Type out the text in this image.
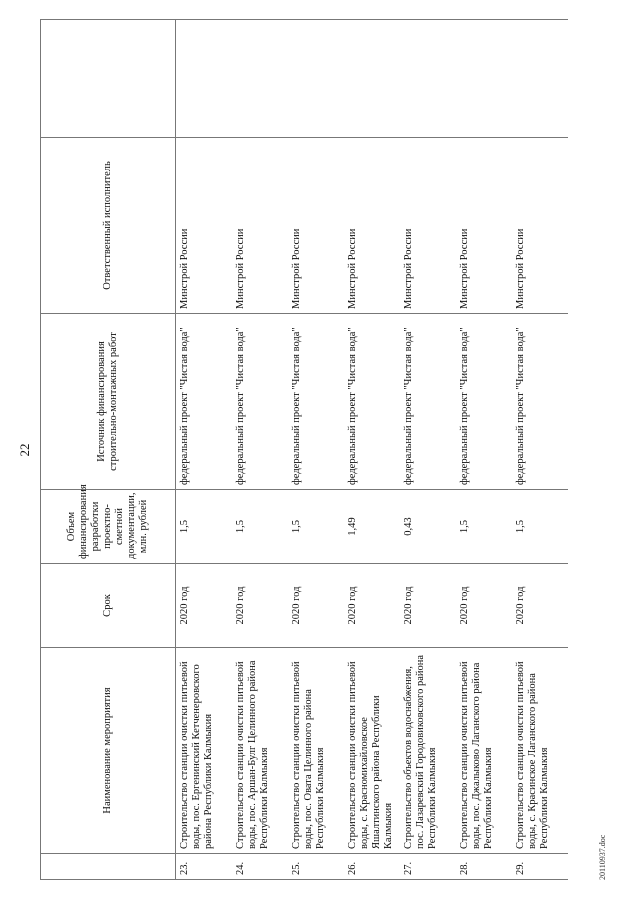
22
	Наименование мероприятия	Срок	Объем финансирования разработки проектно-сметной документации, млн. рублей	Источник финансирования строительно-монтажных работ	Ответственный исполнитель	
23.	Строительство станции очистки питьевой воды, пос. Ергенинский Кетченеровского района Республики Калмыкия	2020 год	1,5	федеральный проект "Чистая вода"	Минстрой России	
24.	Строительство станции очистки питьевой воды, пос. Аршан-Булг Целинного района Республики Калмыкия	2020 год	1,5	федеральный проект "Чистая вода"	Минстрой России	
25.	Строительство станции очистки питьевой воды, пос. Овата Целинного района Республики Калмыкия	2020 год	1,5	федеральный проект "Чистая вода"	Минстрой России	
26.	Строительство станции очистки питьевой воды, с. Красномихайловское Яшалтинского района Республики Калмыкия	2020 год	1,49	федеральный проект "Чистая вода"	Минстрой России	
27.	Строительство объектов водоснабжения, пос. Лазаревский Городовиковского района Республики Калмыкия	2020 год	0,43	федеральный проект "Чистая вода"	Минстрой России	
28.	Строительство станции очистки питьевой воды, пос. Джалыково Лаганского района Республики Калмыкия	2020 год	1,5	федеральный проект "Чистая вода"	Минстрой России	
29.	Строительство станции очистки питьевой воды, с. Красинское Лаганского района Республики Калмыкия	2020 год	1,5	федеральный проект "Чистая вода"	Минстрой России	
20110937.doc
